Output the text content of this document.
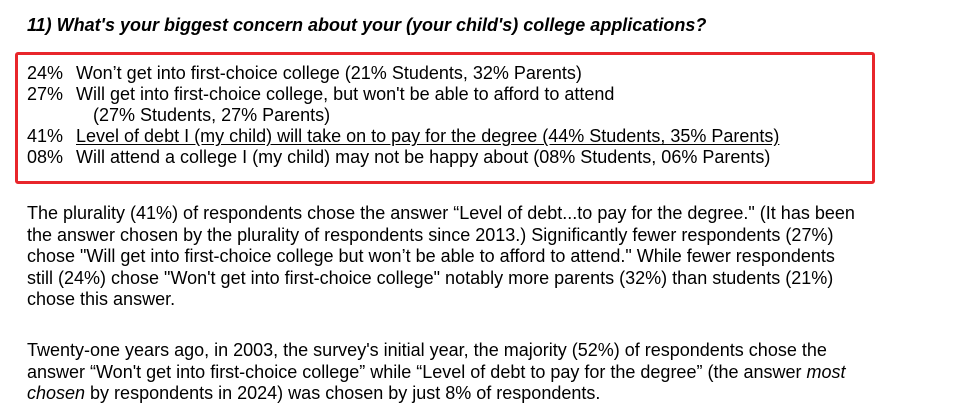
11) What's your biggest concern about your (your child's) college applications?
24% Won’t get into first-choice college (21% Students, 32% Parents)
27% Will get into first-choice college, but won't be able to afford to attend
(27% Students, 27% Parents)
41% Level of debt I (my child) will take on to pay for the degree (44% Students, 35% Parents)
08% Will attend a college I (my child) may not be happy about (08% Students, 06% Parents)
The plurality (41%) of respondents chose the answer “Level of debt...to pay for the degree." (It has been
the answer chosen by the plurality of respondents since 2013.) Significantly fewer respondents (27%)
chose "Will get into first-choice college but won’t be able to afford to attend." While fewer respondents
still (24%) chose "Won't get into first-choice college" notably more parents (32%) than students (21%)
chose this answer.
Twenty-one years ago, in 2003, the survey's initial year, the majority (52%) of respondents chose the
answer “Won't get into first-choice college” while “Level of debt to pay for the degree” (the answer most
chosen by respondents in 2024) was chosen by just 8% of respondents.
